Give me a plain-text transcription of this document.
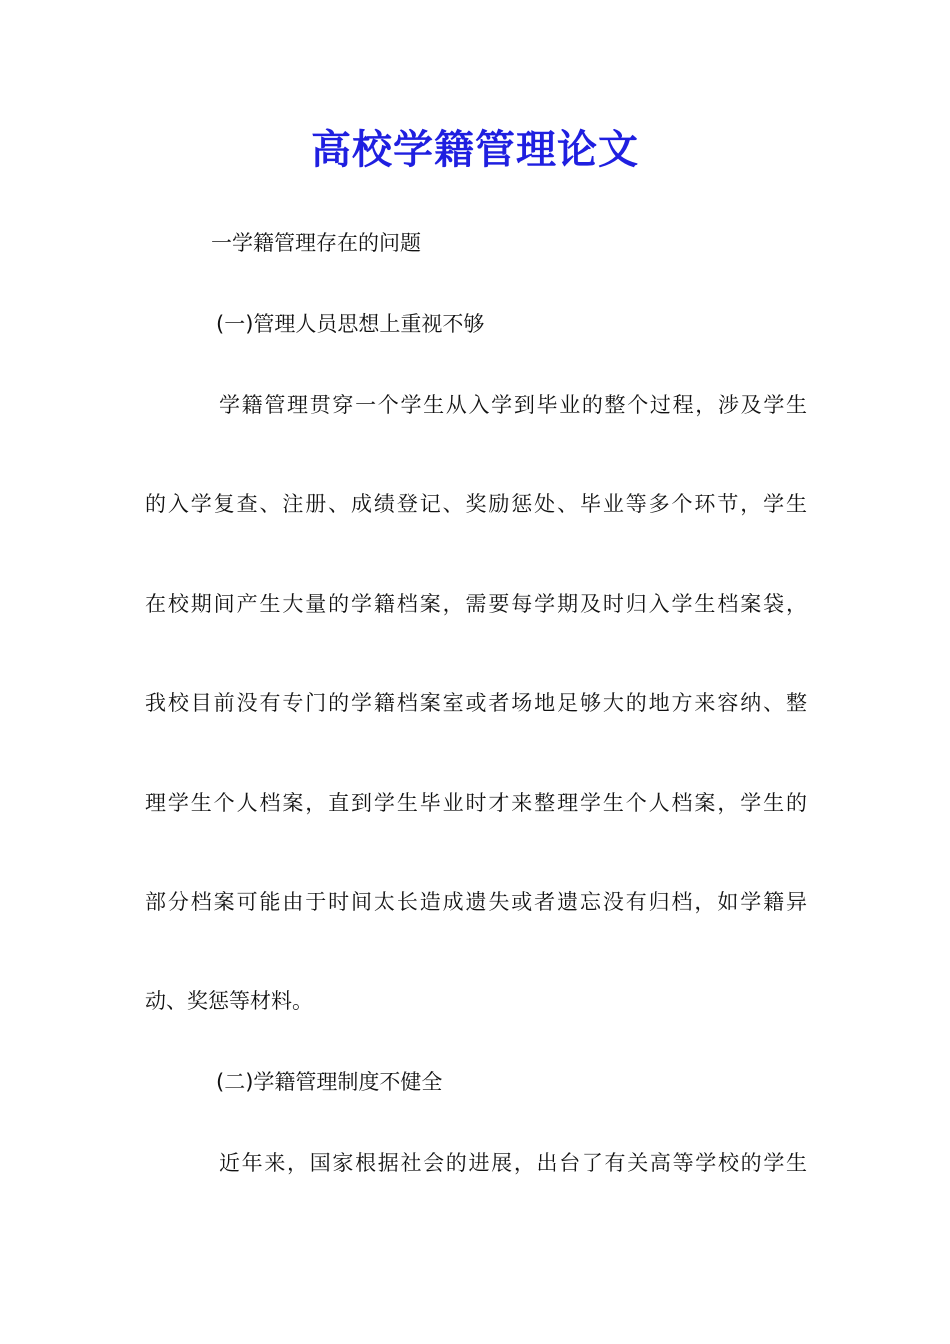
高校学籍管理论文
一学籍管理存在的问题
(一)管理人员思想上重视不够
学籍管理贯穿一个学生从入学到毕业的整个过程，涉及学生
的入学复查、注册、成绩登记、奖励惩处、毕业等多个环节，学生
在校期间产生大量的学籍档案，需要每学期及时归入学生档案袋，
我校目前没有专门的学籍档案室或者场地足够大的地方来容纳、整
理学生个人档案，直到学生毕业时才来整理学生个人档案，学生的
部分档案可能由于时间太长造成遗失或者遗忘没有归档，如学籍异
动、奖惩等材料。
(二)学籍管理制度不健全
近年来，国家根据社会的进展，出台了有关高等学校的学生
